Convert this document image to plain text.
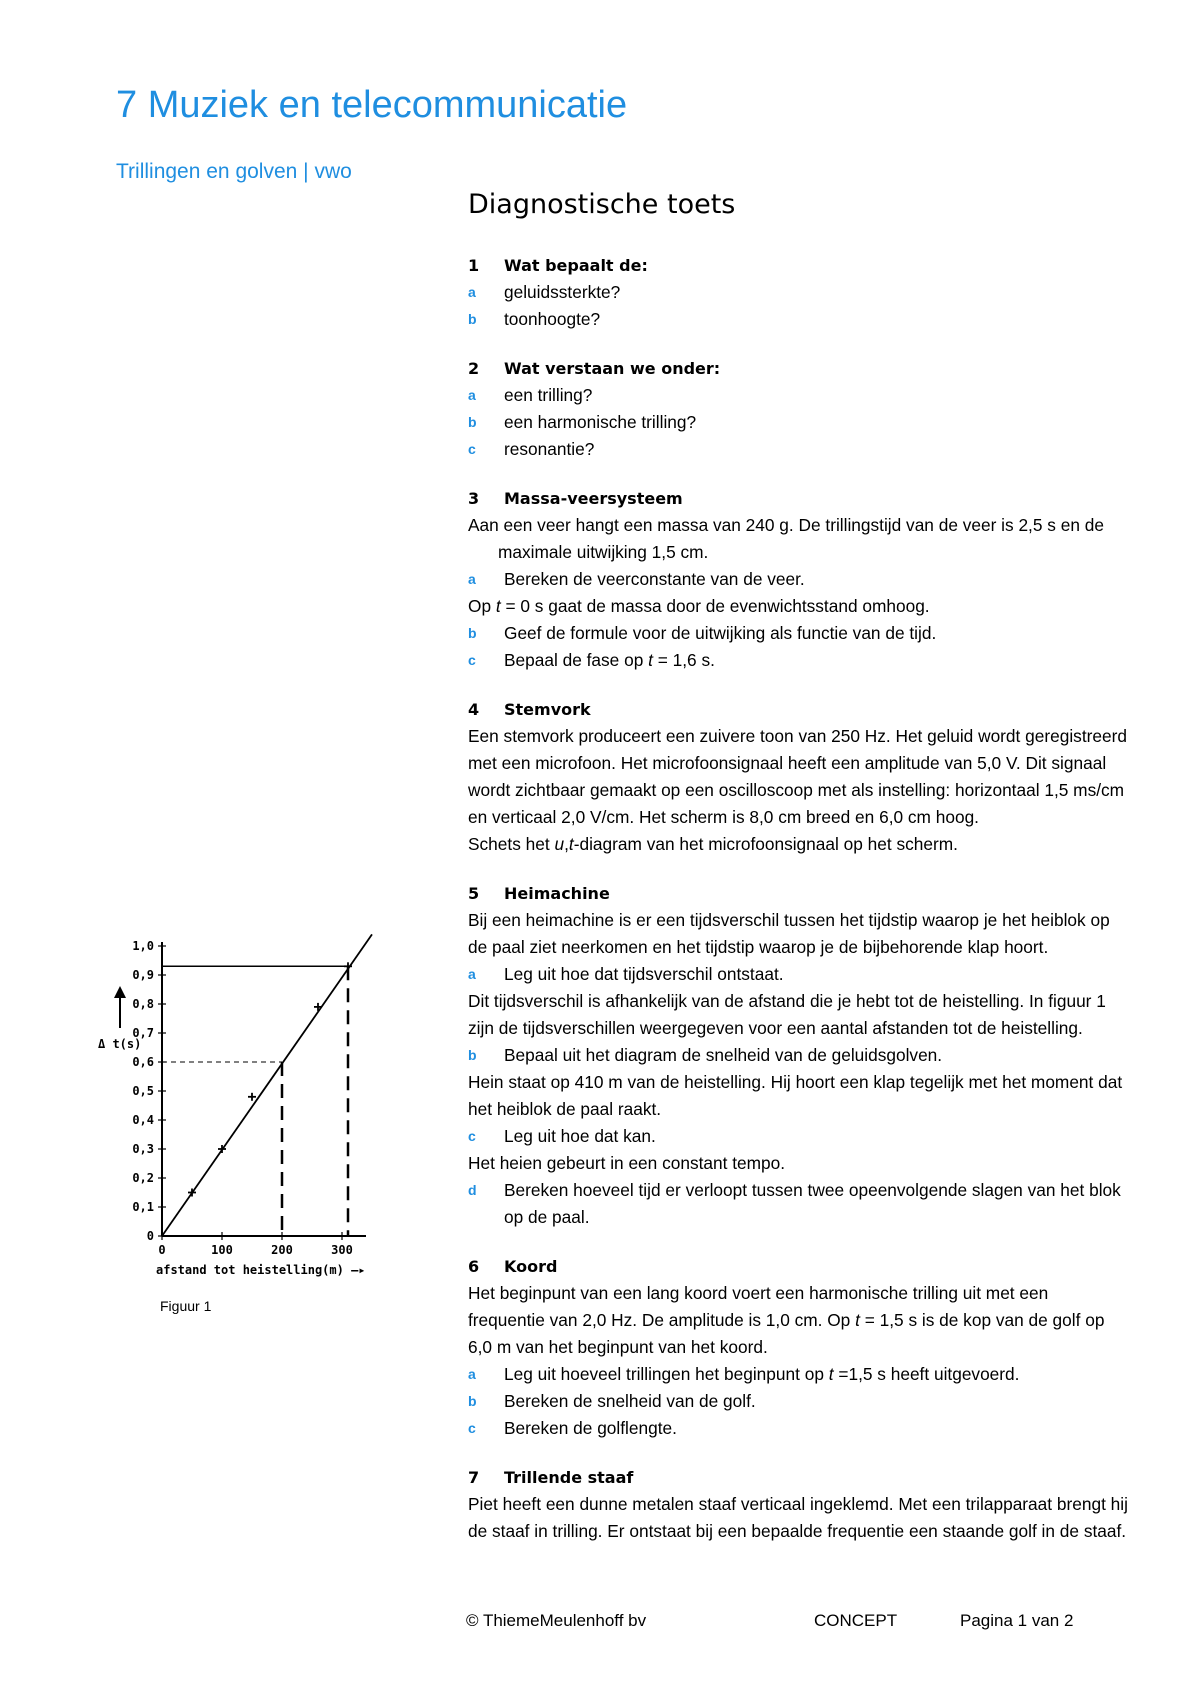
7 Muziek en telecommunicatie
Trillingen en golven | vwo
Diagnostische toets
1	Wat bepaalt de:
a	geluidssterkte?
b	toonhoogte?
2	Wat verstaan we onder:
a	een trilling?
b	een harmonische trilling?
c	resonantie?
3	Massa-veersysteem
Aan een veer hangt een massa van 240 g. De trillingstijd van de veer is 2,5 s en de maximale uitwijking 1,5 cm.
a	Bereken de veerconstante van de veer.
Op t = 0 s gaat de massa door de evenwichtsstand omhoog.
b	Geef de formule voor de uitwijking als functie van de tijd.
c	Bepaal de fase op t = 1,6 s.
4	Stemvork
Een stemvork produceert een zuivere toon van 250 Hz. Het geluid wordt geregistreerd met een microfoon. Het microfoonsignaal heeft een amplitude van 5,0 V. Dit signaal wordt zichtbaar gemaakt op een oscilloscoop met als instelling: horizontaal 1,5 ms/cm en verticaal 2,0 V/cm. Het scherm is 8,0 cm breed en 6,0 cm hoog.
Schets het u,t-diagram van het microfoonsignaal op het scherm.
5	Heimachine
Bij een heimachine is er een tijdsverschil tussen het tijdstip waarop je het heiblok op de paal ziet neerkomen en het tijdstip waarop je de bijbehorende klap hoort.
a	Leg uit hoe dat tijdsverschil ontstaat.
Dit tijdsverschil is afhankelijk van de afstand die je hebt tot de heistelling. In figuur 1 zijn de tijdsverschillen weergegeven voor een aantal afstanden tot de heistelling.
b	Bepaal uit het diagram de snelheid van de geluidsgolven.
Hein staat op 410 m van de heistelling. Hij hoort een klap tegelijk met het moment dat het heiblok de paal raakt.
c	Leg uit hoe dat kan.
Het heien gebeurt in een constant tempo.
d	Bereken hoeveel tijd er verloopt tussen twee opeenvolgende slagen van het blok op de paal.
6	Koord
Het beginpunt van een lang koord voert een harmonische trilling uit met een frequentie van 2,0 Hz. De amplitude is 1,0 cm. Op t = 1,5 s is de kop van de golf op 6,0 m van het beginpunt van het koord.
a	Leg uit hoeveel trillingen het beginpunt op t =1,5 s heeft uitgevoerd.
b	Bereken de snelheid van de golf.
c	Bereken de golflengte.
7	Trillende staaf
Piet heeft een dunne metalen staaf verticaal ingeklemd. Met een trilapparaat brengt hij de staaf in trilling. Er ontstaat bij een bepaalde frequentie een staande golf in de staaf.
0
0,1
0,2
0,3
0,4
0,5
0,6
0,7
0,8
0,9
1,0
0	100	200	300
Δ t(s)
afstand tot heistelling(m) —▸
Figuur 1
© ThiemeMeulenhoff bv	CONCEPT	Pagina 1 van 2
